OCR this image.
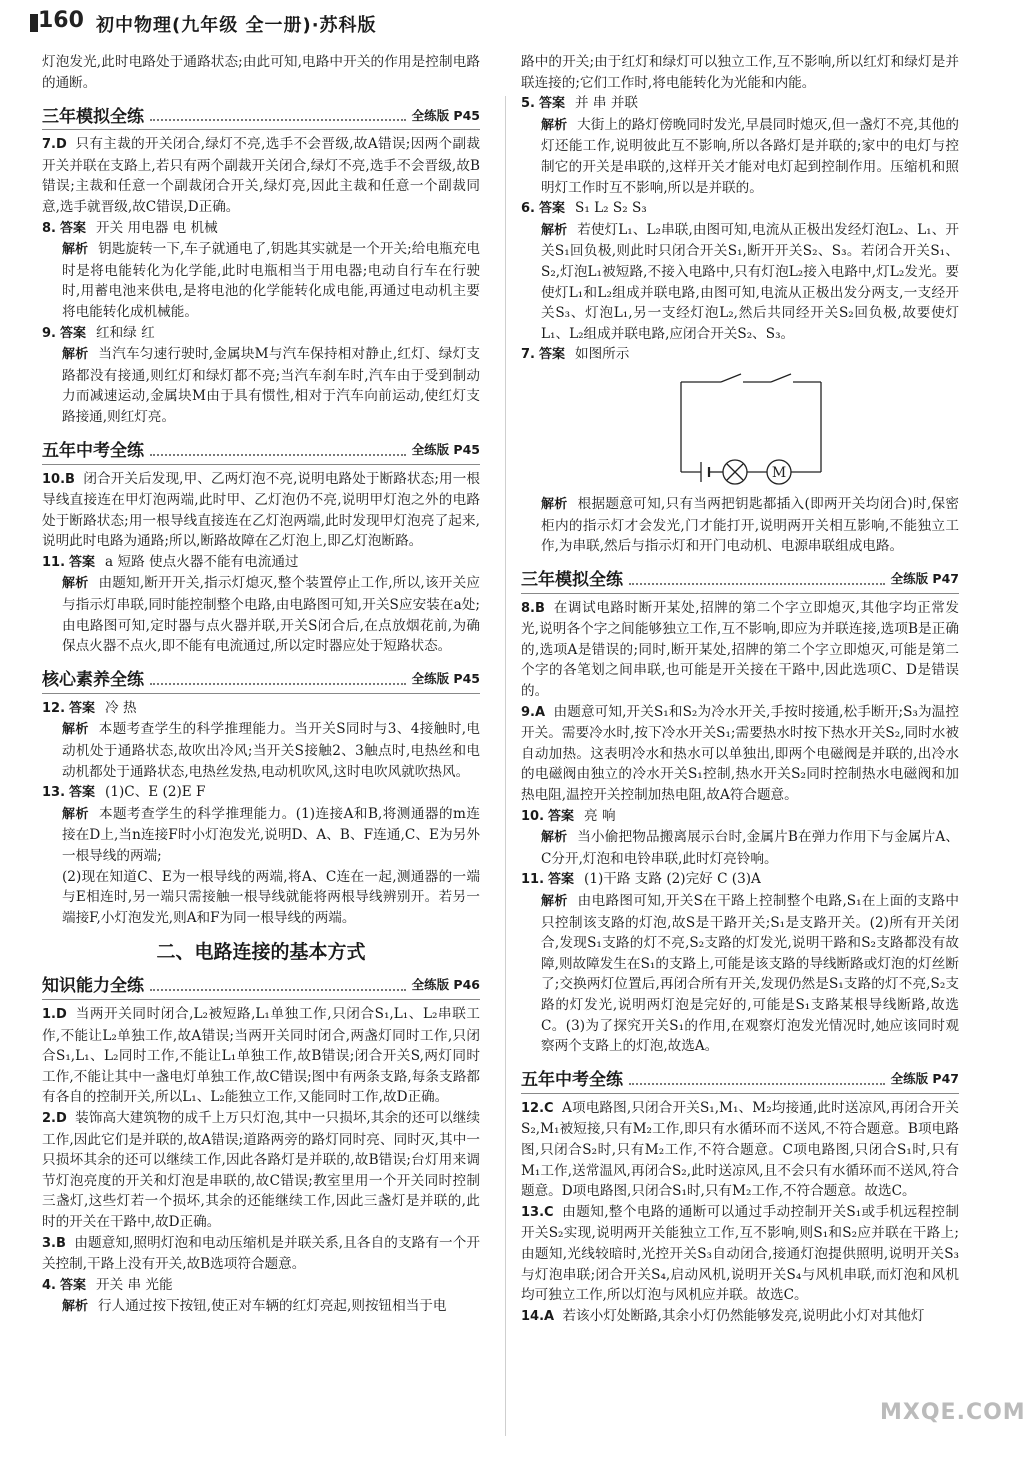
160 初中物理(九年级 全一册)·苏科版

灯泡发光,此时电路处于通路状态;由此可知,电路中开关的作用是控制电路的通断。

三年模拟全练	全练版 P45

7.D 只有主裁的开关闭合,绿灯不亮,选手不会晋级,故A错误;因两个副裁开关并联在支路上,若只有两个副裁开关闭合,绿灯不亮,选手不会晋级,故B错误;主裁和任意一个副裁闭合开关,绿灯亮,因此主裁和任意一个副裁同意,选手就晋级,故C错误,D正确。

8. 答案 开关 用电器 电 机械

解析 钥匙旋转一下,车子就通电了,钥匙其实就是一个开关;给电瓶充电时是将电能转化为化学能,此时电瓶相当于用电器;电动自行车在行驶时,用蓄电池来供电,是将电池的化学能转化成电能,再通过电动机主要将电能转化成机械能。

9. 答案 红和绿 红

解析 当汽车匀速行驶时,金属块M与汽车保持相对静止,红灯、绿灯支路都没有接通,则红灯和绿灯都不亮;当汽车刹车时,汽车由于受到制动力而减速运动,金属块M由于具有惯性,相对于汽车向前运动,使红灯支路接通,则红灯亮。

五年中考全练	全练版 P45

10.B 闭合开关后发现,甲、乙两灯泡不亮,说明电路处于断路状态;用一根导线直接连在甲灯泡两端,此时甲、乙灯泡仍不亮,说明甲灯泡之外的电路处于断路状态;用一根导线直接连在乙灯泡两端,此时发现甲灯泡亮了起来,说明此时电路为通路;所以,断路故障在乙灯泡上,即乙灯泡断路。

11. 答案 a 短路 使点火器不能有电流通过

解析 由题知,断开开关,指示灯熄灭,整个装置停止工作,所以,该开关应与指示灯串联,同时能控制整个电路,由电路图可知,开关S应安装在a处;由电路图可知,定时器与点火器并联,开关S闭合后,在点放烟花前,为确保点火器不点火,即不能有电流通过,所以定时器应处于短路状态。

核心素养全练	全练版 P45

12. 答案 冷 热

解析 本题考查学生的科学推理能力。当开关S同时与3、4接触时,电动机处于通路状态,故吹出冷风;当开关S接触2、3触点时,电热丝和电动机都处于通路状态,电热丝发热,电动机吹风,这时电吹风就吹热风。

13. 答案 (1)C、E (2)E F

解析 本题考查学生的科学推理能力。(1)连接A和B,将测通器的m连接在D上,当n连接F时小灯泡发光,说明D、A、B、F连通,C、E为另外一根导线的两端;

(2)现在知道C、E为一根导线的两端,将A、C连在一起,测通器的一端与E相连时,另一端只需接触一根导线就能将两根导线辨别开。若另一端接F,小灯泡发光,则A和F为同一根导线的两端。

二、电路连接的基本方式
知识能力全练	全练版 P46

1.D 当两开关同时闭合,L₂被短路,L₁单独工作,只闭合S₁,L₁、L₂串联工作,不能让L₂单独工作,故A错误;当两开关同时闭合,两盏灯同时工作,只闭合S₁,L₁、L₂同时工作,不能让L₁单独工作,故B错误;闭合开关S,两灯同时工作,不能让其中一盏电灯单独工作,故C错误;图中有两条支路,每条支路都有各自的控制开关,所以L₁、L₂能独立工作,又能同时工作,故D正确。

2.D 装饰高大建筑物的成千上万只灯泡,其中一只损坏,其余的还可以继续工作,因此它们是并联的,故A错误;道路两旁的路灯同时亮、同时灭,其中一只损坏其余的还可以继续工作,因此各路灯是并联的,故B错误;台灯用来调节灯泡亮度的开关和灯泡是串联的,故C错误;教室里用一个开关同时控制三盏灯,这些灯若一个损坏,其余的还能继续工作,因此三盏灯是并联的,此时的开关在干路中,故D正确。

3.B 由题意知,照明灯泡和电动压缩机是并联关系,且各自的支路有一个开关控制,干路上没有开关,故B选项符合题意。

4. 答案 开关 串 光能

解析 行人通过按下按钮,使正对车辆的红灯亮起,则按钮相当于电

路中的开关;由于红灯和绿灯可以独立工作,互不影响,所以红灯和绿灯是并联连接的;它们工作时,将电能转化为光能和内能。

5. 答案 并 串 并联

解析 大街上的路灯傍晚同时发光,早晨同时熄灭,但一盏灯不亮,其他的灯还能工作,说明彼此互不影响,所以各路灯是并联的;家中的电灯与控制它的开关是串联的,这样开关才能对电灯起到控制作用。压缩机和照明灯工作时互不影响,所以是并联的。

6. 答案 S₁ L₂ S₂ S₃

解析 若使灯L₁、L₂串联,由图可知,电流从正极出发经灯泡L₂、L₁、开关S₁回负极,则此时只闭合开关S₁,断开开关S₂、S₃。若闭合开关S₁、S₂,灯泡L₁被短路,不接入电路中,只有灯泡L₂接入电路中,灯L₂发光。要使灯L₁和L₂组成并联电路,由图可知,电流从正极出发分两支,一支经开关S₃、灯泡L₁,另一支经灯泡L₂,然后共同经开关S₂回负极,故要使灯L₁、L₂组成并联电路,应闭合开关S₂、S₃。

7. 答案 如图所示

M

解析 根据题意可知,只有当两把钥匙都插入(即两开关均闭合)时,保密柜内的指示灯才会发光,门才能打开,说明两开关相互影响,不能独立工作,为串联,然后与指示灯和开门电动机、电源串联组成电路。

三年模拟全练	全练版 P47

8.B 在调试电路时断开某处,招牌的第二个字立即熄灭,其他字均正常发光,说明各个字之间能够独立工作,互不影响,即应为并联连接,选项B是正确的,选项A是错误的;同时,断开某处,招牌的第二个字立即熄灭,可能是第二个字的各笔划之间串联,也可能是开关接在干路中,因此选项C、D是错误的。

9.A 由题意可知,开关S₁和S₂为冷水开关,手按时接通,松手断开;S₃为温控开关。需要冷水时,按下冷水开关S₁;需要热水时按下热水开关S₂,同时水被自动加热。这表明冷水和热水可以单独出,即两个电磁阀是并联的,出冷水的电磁阀由独立的冷水开关S₁控制,热水开关S₂同时控制热水电磁阀和加热电阻,温控开关控制加热电阻,故A符合题意。

10. 答案 亮 响

解析 当小偷把物品搬离展示台时,金属片B在弹力作用下与金属片A、C分开,灯泡和电铃串联,此时灯亮铃响。

11. 答案 (1)干路 支路 (2)完好 C (3)A

解析 由电路图可知,开关S在干路上控制整个电路,S₁在上面的支路中只控制该支路的灯泡,故S是干路开关;S₁是支路开关。(2)所有开关闭合,发现S₁支路的灯不亮,S₂支路的灯发光,说明干路和S₂支路都没有故障,则故障发生在S₁的支路上,可能是该支路的导线断路或灯泡的灯丝断了;交换两灯位置后,再闭合所有开关,发现仍然是S₁支路的灯不亮,S₂支路的灯发光,说明两灯泡是完好的,可能是S₁支路某根导线断路,故选C。(3)为了探究开关S₁的作用,在观察灯泡发光情况时,她应该同时观察两个支路上的灯泡,故选A。

五年中考全练	全练版 P47

12.C A项电路图,只闭合开关S₁,M₁、M₂均接通,此时送凉风,再闭合开关S₂,M₁被短接,只有M₂工作,即只有水循环而不送风,不符合题意。B项电路图,只闭合S₂时,只有M₂工作,不符合题意。C项电路图,只闭合S₁时,只有M₁工作,送常温风,再闭合S₂,此时送凉风,且不会只有水循环而不送风,符合题意。D项电路图,只闭合S₁时,只有M₂工作,不符合题意。故选C。

13.C 由题知,整个电路的通断可以通过手动控制开关S₁或手机远程控制开关S₂实现,说明两开关能独立工作,互不影响,则S₁和S₂应并联在干路上;由题知,光线较暗时,光控开关S₃自动闭合,接通灯泡提供照明,说明开关S₃与灯泡串联;闭合开关S₄,启动风机,说明开关S₄与风机串联,而灯泡和风机均可独立工作,所以灯泡与风机应并联。故选C。

14.A 若该小灯处断路,其余小灯仍然能够发亮,说明此小灯对其他灯

MXQE.COM
